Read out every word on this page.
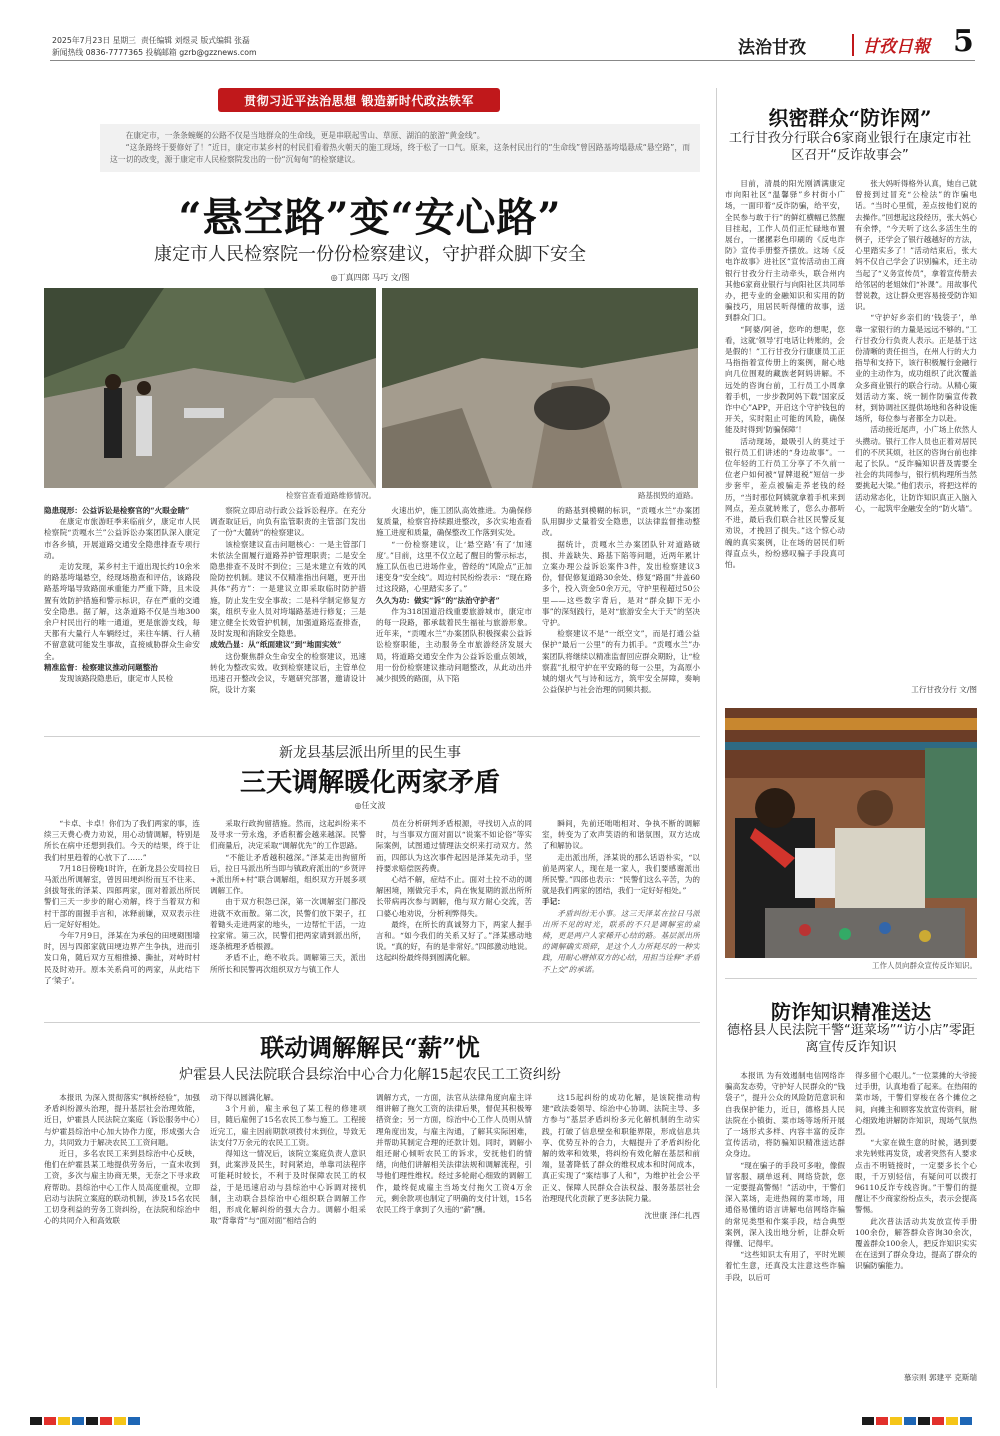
2025年7月23日 星期三 责任编辑 刘煜灵 版式编辑 张磊
新闻热线 0836-7777365 投稿邮箱 gzrb@gzznews.com	法治甘孜	甘孜日報 5
贯彻习近平法治思想 锻造新时代政法铁军

在康定市，一条条蜿蜒的公路不仅是当地群众的生命线，更是串联起雪山、草原、湖泊的旅游“黄金线”。

“这条路终于要修好了！”近日，康定市某乡村的村民们看着热火朝天的施工现场，终于松了一口气。原来，这条村民出行的“生命线”曾因路基垮塌悬成“悬空路”，而这一切的改变，源于康定市人民检察院发出的一份“沉甸甸”的检察建议。

“悬空路”变“安心路”
康定市人民检察院一份份检察建议，守护群众脚下安全
◎丁真四郎 马巧 文/图
检察官查看道路维修情况。	路基损毁的道路。

隐患现形：公益诉讼是检察官的“火眼金睛”

在康定市旅游旺季来临前夕，康定市人民检察院“贡嘎水兰”公益诉讼办案团队深入康定市各乡镇，开展道路交通安全隐患排查专项行动。

走访发现，某乡村主干道出现长约10余米的路基垮塌悬空，经现场勘查和评估，该路段路基垮塌导致路面承重能力严重下降，且未设置有效防护措施和警示标识，存在严重的交通安全隐患。据了解，这条道路不仅是当地300余户村民出行的唯一通道，更是旅游支线，每天都有大量行人车辆经过，来往车辆、行人稍不留意就可能发生事故，直接威胁群众生命安全。

精准监督：检察建议推动问题整治

发现该路段隐患后，康定市人民检

察院立即启动行政公益诉讼程序。在充分调查取证后，向负有监管职责的主管部门发出了一份“大麓砖”的检察建议。

该检察建议直击问题核心：一是主管部门未依法全面履行道路养护管理职责；二是安全隐患排查不及时不到位；三是未建立有效的风险防控机制。建议不仅精准指出问题，更开出具体“药方”：一是建议立即采取临时防护措施，防止发生安全事故；二是科学制定修复方案，组织专业人员对垮塌路基进行修复；三是建立健全长效管护机制，加强道路巡查排查，及时发现和消除安全隐患。

成效凸显：从“纸面建议”到“地面实效”

这份聚焦群众生命安全的检察建议，迅速转化为整改实效。收到检察建议后，主管单位迅速召开整改会议，专题研究部署，邀请设计院，设计方案

火速出炉，施工团队高效推进。为确保修复质量，检察官持续跟进整改，多次实地查看施工进度和质量，确保整改工作落到实处。

“一份检察建议，让‘悬空路’有了‘加速度’。”目前，这里不仅立起了醒目的警示标志，施工队伍也已进场作业，曾经的“风险点”正加速变身“安全线”。周边村民纷纷表示：“现在路过这段路，心里踏实多了。”

久久为功：做实“诉”的“法治守护者”

作为318国道沿线重要旅游城市，康定市的每一段路，都承载着民生福祉与旅游形象。近年来，“贡嘎水兰”办案团队积极探索公益诉讼检察职能，主动服务全市旅游经济发展大局，将道路交通安全作为公益诉讼重点领域，用一份份检察建议推动问题整改，从此动出并减少损毁的路面，从下陷

的路基到模糊的标识，“贡嘎水兰”办案团队用脚步丈量着安全隐患，以法律监督推动整改。

据统计，贡嘎水兰办案团队针对道路破损、井盖缺失、路基下陷等问题，近两年累计立案办理公益诉讼案件3件，发出检察建议3份，督促修复道路30余处、修复“路面”井盖60多个，投入资金50余万元，守护里程超过50公里——这些数字背后，是对“群众脚下无小事”的深刻践行，是对“旅游安全大于天”的坚决守护。

检察建议不是“一纸空文”，而是打通公益保护“最后一公里”的有力抓手。“贡嘎水兰”办案团队将继续以精准监督回应群众期盼，让“检察蓝”扎根守护在平安路的每一公里，为高原小城的烟火气与诗和远方，筑牢安全屏障，奏响公益保护与社会治理的同频共振。

新龙县基层派出所里的民生事
三天调解暖化两家矛盾
◎任文波

“卡卓、卡卓！你们为了我们两家的事，连续三天费心费力劝说，用心动情调解，特别是所长在病中还想到我们。今天的结果，终于让我们村里趋着的心放下了……”

7月18日傍晚1时许，在新龙县公安局拉日马派出所调解室，曾因田埂纠纷而互不往来、剑拔弩张的泽某、四郎两家，面对着派出所民警们三天一步步的耐心劝解，终于当着双方和村干部的面握手言和，冰释前嫌，双双表示往后一定好好相处。

今年7月9日，泽某在为承包的田埂砌围墙时，因与四郎家就田埂边界产生争执，进而引发口角，随后双方互相推搡、撕扯，对峙时村民及时劝开。原本关系尚可的两家，从此结下了‘梁子’。

采取行政拘留措施。然而，这起纠纷来不及寻求一劳永逸，矛盾积蓄会越来越深。民警们商量后，决定采取“调解优先”的工作思路。

“不能让矛盾越积越深。”泽某走出拘留所后，拉日马派出所当即与镇政府派出的“乡贤评+派出所+村”联合调解组，组织双方开展多项调解工作。

由于双方积怨已深，第一次调解室门都没进就不欢而散。第二次，民警们放下架子，扛着锄头走进两家的地头，一边帮忙干活，一边拉家常。第三次，民警们把两家请到派出所，逐条梳理矛盾根源。

矛盾不止，绝不收兵。调解第三天，派出所所长和民警再次组织双方与镇工作人

员在分析研判矛盾根源，寻找切入点的同时，与当事双方面对面以“说案不如论俗”等实际案例，试图通过情理法交织来打动双方。然而，四郎认为这次事件起因是泽某先动手，坚持要求赔偿医药费。

心结不解，症结不止。面对土拉不动的调解困境，刚做完手术，尚在恢复期的派出所所长带病再次参与调解，他与双方耐心交流，苦口婆心地劝说，分析利弊得失。

最终，在所长的真诚努力下，两家人握手言和。“如今我们的关系又好了。”泽某感动地说。“真的好，有的是非常好。”四郎激动地说。这起纠纷最终得到圆满化解。

瞬间，先前还咄咄相对、争执不断的调解室，转变为了欢声笑语的和谐氛围，双方达成了和解协议。

走出派出所，泽某说的那么话语朴实，“以前是两家人，现在是一家人，我们要感谢派出所民警。”四郎也表示：“民警们这么辛苦，为的就是我们两家的团结，我们一定好好相处。”

手记：

矛盾纠纷无小事。这三天泽某在拉日马派出所不见的时光，联系的不只是调解室的桌椅，更是两户人家稀开心结的路。基层派出所的调解确实琐碎，是这个人力所耗尽的一种实践，用耐心磨掉双方的心结，用担当诠释“矛盾不上交”的承诺。

联动调解解民“薪”忧
炉霍县人民法院联合县综治中心合力化解15起农民工工资纠纷

本报讯 为深入贯彻落实“枫桥经验”，加强矛盾纠纷源头治理，提升基层社会治理效能，近日，炉霍县人民法院立案庭（诉讼服务中心）与炉霍县综治中心加大协作力度，形成强大合力，共同致力于解决农民工工资问题。

近日，多名农民工来到县综治中心反映，他们在炉霍县某工地提供劳务后，一直未收到工资，多次与雇主协商无果，无奈之下寻求政府帮助。县综治中心工作人员高度重视，立即启动与法院立案庭的联动机制，涉及15名农民工切身利益的劳务工资纠纷，在法院和综治中心的共同介入和高效联

动下得以圆满化解。

3个月前，雇主承包了某工程的修建项目，随后雇佣了15名农民工参与施工。工程接近完工，雇主因前期款项拨付未到位，导致无法支付7万余元的农民工工资。

得知这一情况后，该院立案庭负责人意识到，此案涉及民生，时间紧迫，单靠司法程序可能耗时较长，不利于及时保障农民工的权益，于是迅速启动与县综治中心诉调对接机制，主动联合县综治中心组织联合调解工作组，形成化解纠纷的强大合力。调解小组采取“背靠背”与“面对面”相结合的

调解方式，一方面，法官从法律角度向雇主详细讲解了拖欠工资的法律后果，督促其积极筹措资金；另一方面，综治中心工作人员则从情理角度出发，与雇主沟通，了解其实际困难，并帮助其制定合理的还款计划。同时，调解小组还耐心倾听农民工的诉求，安抚他们的情绪，向他们讲解相关法律法规和调解流程，引导他们理性维权。经过多轮耐心细致的调解工作，最终促成雇主当场支付拖欠工资4万余元，剩余款项也制定了明确的支付计划，15名农民工终于拿到了久违的“薪”酬。

这15起纠纷的成功化解，是该院推动构建“政法委领导、综治中心协调、法院主导、多方参与”基层矛盾纠纷多元化解机制的生动实践，打破了信息壁垒和职能界限，形成信息共享、优势互补的合力，大幅提升了矛盾纠纷化解的效率和效果，将纠纷有效化解在基层和前端，显著降低了群众的维权成本和时间成本，真正实现了“案结事了人和”，为维护社会公平正义、保障人民群众合法权益、服务基层社会治理现代化贡献了更多法院力量。

沈世康 泽仁扎西

织密群众“防诈网”
工行甘孜分行联合6家商业银行在康定市社区召开“反诈故事会”

目前，清晨的阳光刚洒满康定市向阳社区“温馨驿”乡村街小广场，一面印着“反诈防骗，给平安，全民参与敢于行”的鲜红横幅已然醒目挂起，工作人员们正忙碌地布置展台，一摞摞彩色印刷的《反电诈防》宣传手册整齐摆放。这场《反电诈故事》进社区”宣传活动由工商银行甘孜分行主动牵头，联合州内其他6家商业银行与向阳社区共同举办，把专业的金融知识和实用的防骗技巧，用居民听得懂的故事，送到群众门口。

“阿婆/阿爸，您咋的想呢，您看，这就‘领导’打电话让转账的，会是假的！”工行甘孜分行康康员工正马指指着宣传册上的案例，耐心地向几位围观的藏族老阿妈讲解。不远处的咨询台前，工行员工小周拿着手机，一步步教阿妈下载“国家反诈中心”APP，开启这个守护钱包的开关，实时阻止可能的风险，确保能及时得到‘防骗保障’！

活动现场，最吸引人的莫过于银行员工们讲述的“身边故事”。一位年轻的工行员工分享了不久前一位老户如何被“冒牌退税”短信一步步套牢，差点被骗走养老钱的经历，“当时那位阿姨就拿着手机来到网点，差点就转账了，您么办都听不进，最后我们联合社区民警反复劝说，才挽回了损失。”这个惊心动魄的真实案例，让在场的居民们听得直点头，纷纷感叹骗子手段真可怕。

张大妈听得格外认真，她自己就曾接到过冒充“公检法”的诈骗电话。“当时心里慌，差点按他们说的去操作。”回想起这段经历，张大妈心有余悸，“今天听了这么多活生生的例子，还学会了银行越越好的方法，心里踏实多了！”活动结束后，张大妈不仅自己学会了识别骗术，还主动当起了“义务宣传员”，拿着宣传册去给邻居的老姐妹们“补课”。用故事代替说教，这让群众更容易接受防诈知识。

“守护好乡亲们的‘钱袋子’，单靠一家银行的力量是远远不够的。”工行甘孜分行负责人表示。正是基于这份清晰的责任担当，在州人行的大力指导和支持下，该行积极履行金融行业的主动作为，成功组织了此次覆盖众多商业银行的联合行动。从精心策划活动方案、统一制作防骗宣传教材，到协调社区提供场地和各种设施场所，每位参与者都全力以赴。

活动接近尾声，小广场上依然人头攒动。银行工作人员也正着对居民们的不厌其烦，社区的咨询台前也排起了长队。“反诈骗知识普及需要全社会的共同参与，银行机构理所当然要挑起大梁。”他们表示，将把这样的活动常态化，让防诈知识真正入脑入心，一起筑牢金融安全的“防火墙”。

工行甘孜分行 文/图
工作人员向群众宣传反诈知识。
防诈知识精准送达
德格县人民法院干警“逛菜场”“访小店”零距离宣传反诈知识

本报讯 为有效遏制电信网络诈骗高发态势，守护好人民群众的“钱袋子”，提升公众的风险防范意识和自我保护能力，近日，德格县人民法院在小镇街、菜市场等场所开展了一场形式多样、内容丰富的反诈宣传活动，将防骗知识精准送达群众身边。

“现在骗子的手段可多啦，像假冒客服、刷单返利、网络贷款，您一定要提高警惕！”活动中，干警们深入菜场，走进热闹的菜市场，用通俗易懂的语言讲解电信网络诈骗的常见类型和作案手段，结合典型案例，深入浅出地分析，让群众听得懂、记得牢。

“这些知识太有用了，平时光顾着忙生意，还真没太注意这些诈骗手段，以后可

得多留个心眼儿。”一位菜摊的大爷接过手册，认真地看了起来。在热闹的菜市场，干警们穿梭在各个摊位之间，向摊主和顾客发放宣传资料，耐心细致地讲解防诈知识，现场气氛热烈。

“大家在做生意的时候，遇到要求先转账再发货，或者突然有人要求点击不明链接时，一定要多长个心眼，千万别轻信，有疑问可以拨打96110反诈专线咨询。”干警们的提醒让不少商家纷纷点头，表示会提高警惕。

此次普法活动共发放宣传手册100余份，解答群众咨询30余次，覆盖群众100余人，把反诈知识实实在在送到了群众身边，提高了群众的识骗防骗能力。

慕宗则 郭建平 克斯瑞
